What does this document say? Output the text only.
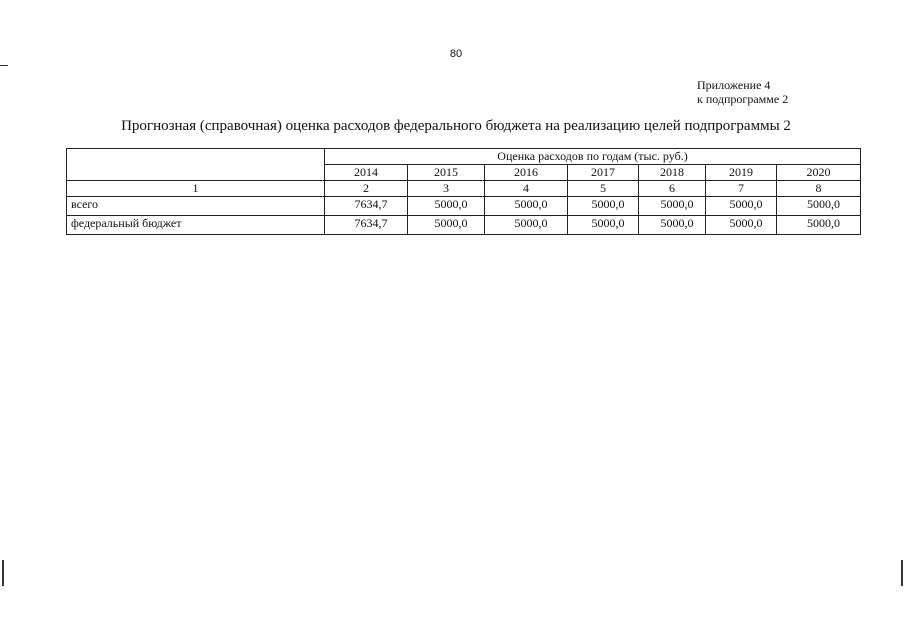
80
Приложение 4
к подпрограмме 2
Прогнозная (справочная) оценка расходов федерального бюджета на реализацию целей подпрограммы 2
	Оценка расходов по годам (тыс. руб.)						
	2014	2015	2016	2017	2018	2019	2020
1	2	3	4	5	6	7	8
всего	7634,7	5000,0	5000,0	5000,0	5000,0	5000,0	5000,0
федеральный бюджет	7634,7	5000,0	5000,0	5000,0	5000,0	5000,0	5000,0
